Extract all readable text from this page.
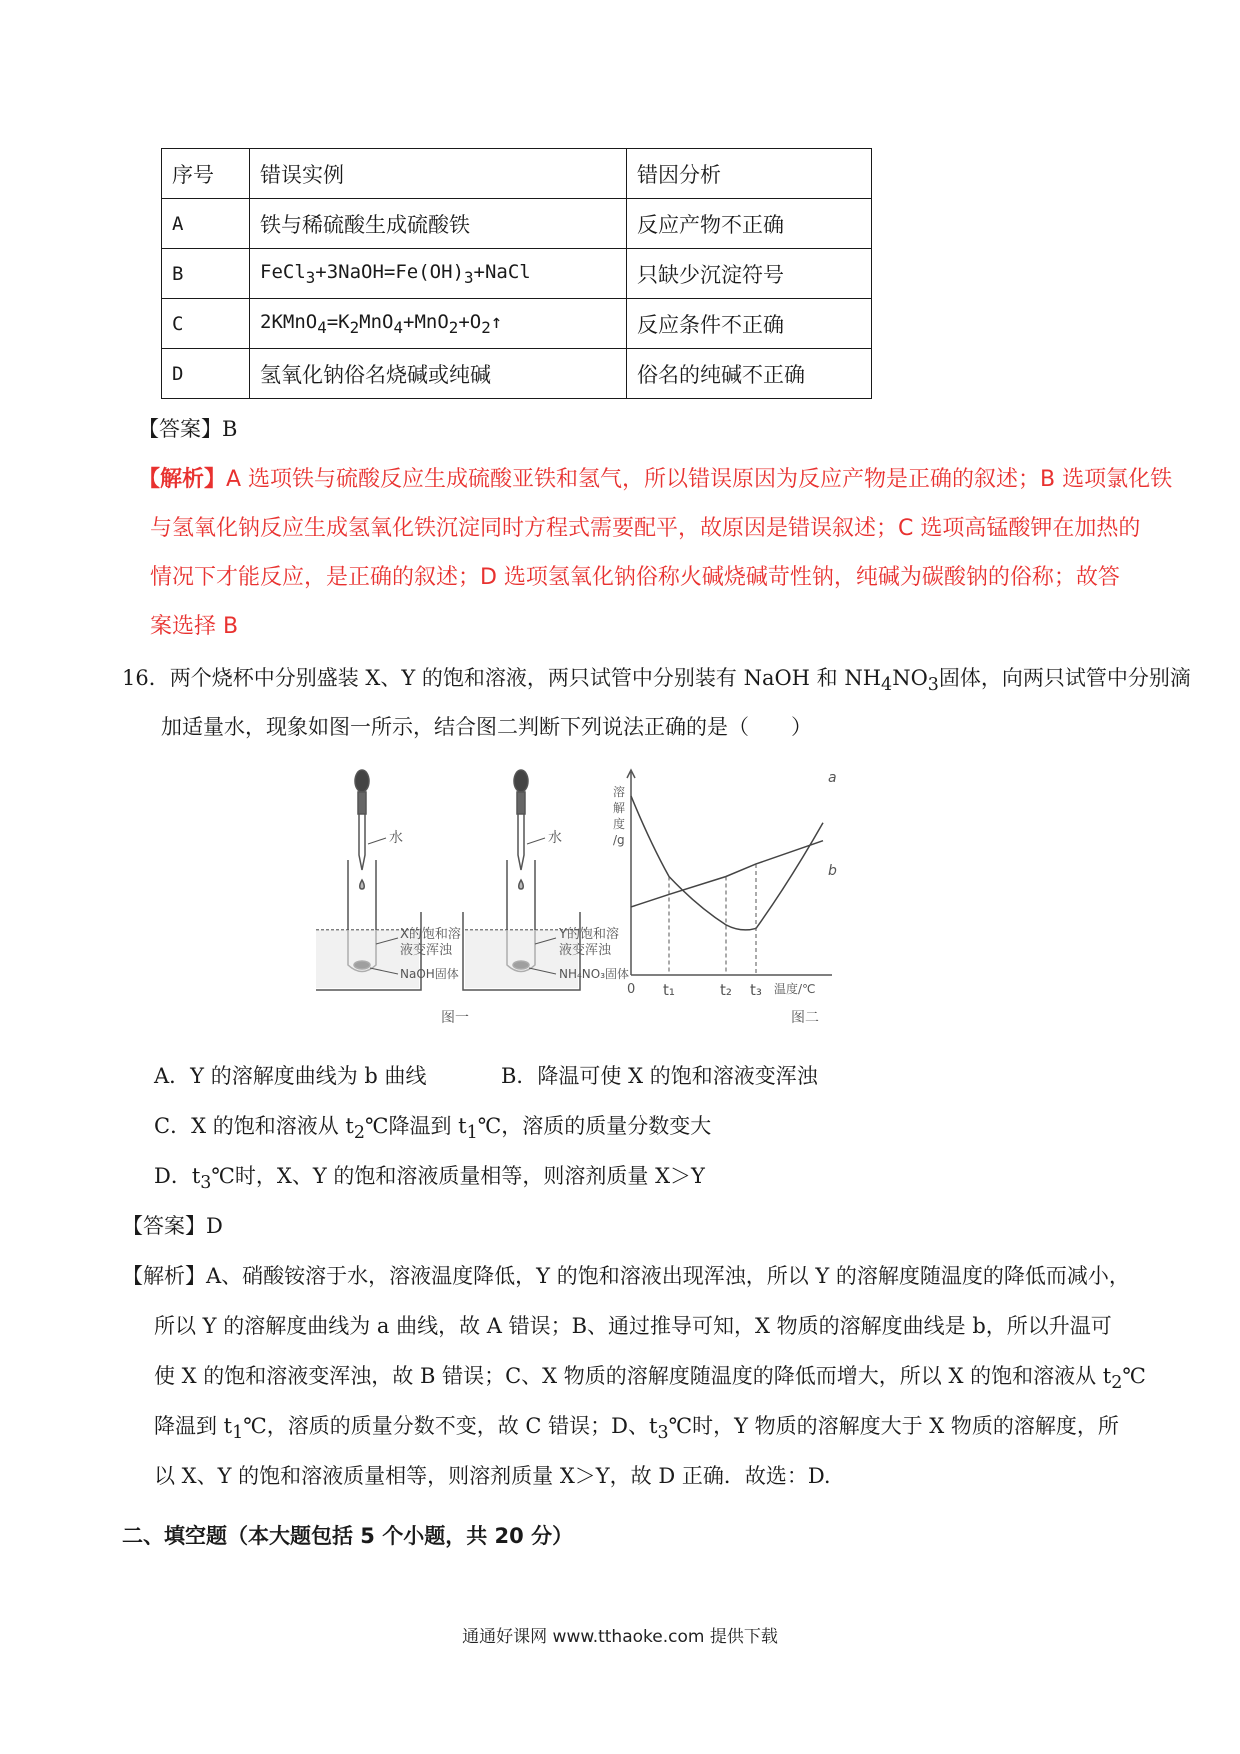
序号	错误实例	错因分析
A	铁与稀硫酸生成硫酸铁	反应产物不正确
B	$FeCl_3+3NaOH=Fe(OH)_3+NaCl$	只缺少沉淀符号
C	$2KMnO_4=K_2MnO_4+MnO_2+O_2↑$	反应条件不正确
D	氢氧化钠俗名烧碱或纯碱	俗名的纯碱不正确
【答案】B
【解析】A 选项铁与硫酸反应生成硫酸亚铁和氢气，所以错误原因为反应产物是正确的叙述；B 选项氯化铁
与氢氧化钠反应生成氢氧化铁沉淀同时方程式需要配平，故原因是错误叙述；C 选项高锰酸钾在加热的
情况下才能反应，是正确的叙述；D 选项氢氧化钠俗称火碱烧碱苛性钠，纯碱为碳酸钠的俗称；故答
案选择 B
16．两个烧杯中分别盛装 X、Y 的饱和溶液，两只试管中分别装有 NaOH 和 $NH_4NO_3$固体，向两只试管中分别滴
加适量水，现象如图一所示，结合图二判断下列说法正确的是（　　）
水
X的饱和溶
液变浑浊
NaOH固体
水
Y的饱和溶
液变浑浊
NH₄NO₃固体
图一
溶
解
度
/g
0 t₁	t₂ t₃ 温度/℃
a
b
图二
A．Y 的溶解度曲线为 b 曲线	B．降温可使 X 的饱和溶液变浑浊
C．X 的饱和溶液从 $t_2℃$降温到 $t_1℃$，溶质的质量分数变大
D．$t_3℃$时，X、Y 的饱和溶液质量相等，则溶剂质量 X＞Y
【答案】D
【解析】A、硝酸铵溶于水，溶液温度降低，Y 的饱和溶液出现浑浊，所以 Y 的溶解度随温度的降低而减小，
所以 Y 的溶解度曲线为 a 曲线，故 A 错误；B、通过推导可知，X 物质的溶解度曲线是 b，所以升温可
使 X 的饱和溶液变浑浊，故 B 错误；C、X 物质的溶解度随温度的降低而增大，所以 X 的饱和溶液从 $t_2℃$
降温到 $t_1℃$，溶质的质量分数不变，故 C 错误；D、$t_3℃$时，Y 物质的溶解度大于 X 物质的溶解度，所
以 X、Y 的饱和溶液质量相等，则溶剂质量 X＞Y，故 D 正确．故选：D.
二、填空题（本大题包括 5 个小题，共 20 分）
通通好课网 www.tthaoke.com 提供下载
